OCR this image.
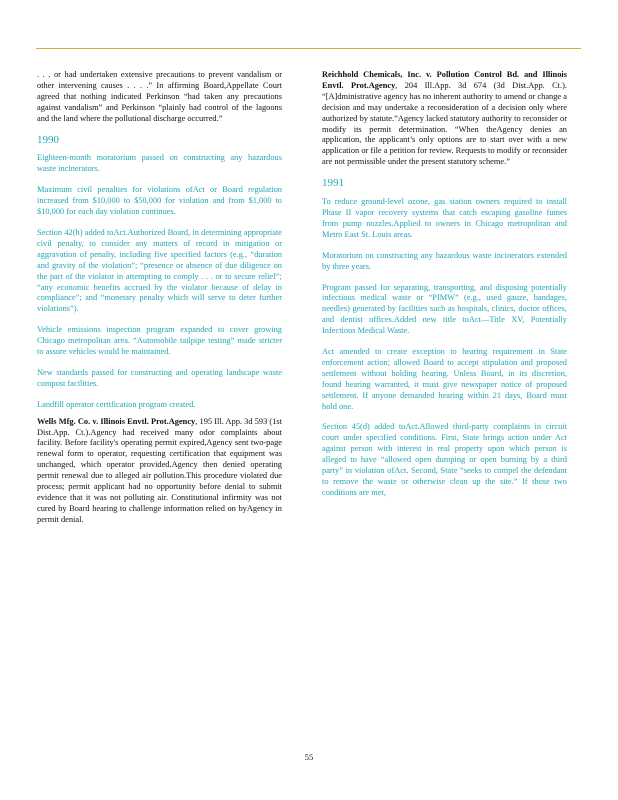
. . . or had undertaken extensive precautions to prevent vandalism or other intervening causes . . . .” In affirming Board,Appellate Court agreed that nothing indicated Perkinson “had taken any precautions against vandalism” and Perkinson “plainly had control of the lagoons and the land where the pollutional discharge occurred.”

1990

Eighteen-month moratorium passed on constructing any hazardous waste incinerators.

Maximum civil penalties for violations ofAct or Board regulation increased from $10,000 to $50,000 for violation and from $1,000 to $10,000 for each day violation continues.

Section 42(h) added toAct.Authorized Board, in determining appropriate civil penalty, to consider any matters of record in mitigation or aggravation of penalty, including five specified factors (e.g., “duration and gravity of the violation”; “presence or absence of due diligence on the part of the violator in attempting to comply . . . or to secure relief”; “any economic benefits accrued by the violator because of delay in compliance”; and “monetary penalty which will serve to deter further violations”).

Vehicle emissions inspection program expanded to cover growing Chicago metropolitan area. “Automobile tailpipe testing” made stricter to assure vehicles would be maintained.

New standards passed for constructing and operating landscape waste compost facilities.

Landfill operator certification program created.

Wells Mfg. Co. v. Illinois Envtl. Prot.Agency, 195 Ill. App. 3d 593 (1st Dist.App. Ct.).Agency had received many odor complaints about facility. Before facility's operating permit expired,Agency sent two-page renewal form to operator, requesting certification that equipment was unchanged, which operator provided.Agency then denied operating permit renewal due to alleged air pollution.This procedure violated due process; permit applicant had no opportunity before denial to submit evidence that it was not polluting air. Constitutional infirmity was not cured by Board hearing to challenge information relied on byAgency in permit denial.

Reichhold Chemicals, Inc. v. Pollution Control Bd. and Illinois Envtl. Prot.Agency, 204 Ill.App. 3d 674 (3d Dist.App. Ct.). “[A]dministrative agency has no inherent authority to amend or change a decision and may undertake a reconsideration of a decision only where authorized by statute.”Agency lacked statutory authority to reconsider or modify its permit determination. “When theAgency denies an application, the applicant’s only options are to start over with a new application or file a petition for review. Requests to modify or reconsider are not permissible under the present statutory scheme.”

1991

To reduce ground-level ozone, gas station owners required to install Phase II vapor recovery systems that catch escaping gasoline fumes from pump nozzles.Applied to owners in Chicago metropolitan and Metro East St. Louis areas.

Moratorium on constructing any hazardous waste incinerators extended by three years.

Program passed for separating, transporting, and disposing potentially infectious medical waste or “PIMW” (e.g., used gauze, bandages, needles) generated by facilities such as hospitals, clinics, doctor offices, and dentist offices.Added new title toAct—Title XV, Potentially Infectious Medical Waste.

Act amended to create exception to hearing requirement in State enforcement action; allowed Board to accept stipulation and proposed settlement without holding hearing. Unless Board, in its discretion, found hearing warranted, it must give newspaper notice of proposed settlement. If anyone demanded hearing within 21 days, Board must hold one.

Section 45(d) added toAct.Allowed third-party complaints in circuit court under specified conditions. First, State brings action under Act against person with interest in real property upon which person is alleged to have “allowed open dumping or open burning by a third party” in violation ofAct. Second, State “seeks to compel the defendant to remove the waste or otherwise clean up the site.” If those two conditions are met,

55
